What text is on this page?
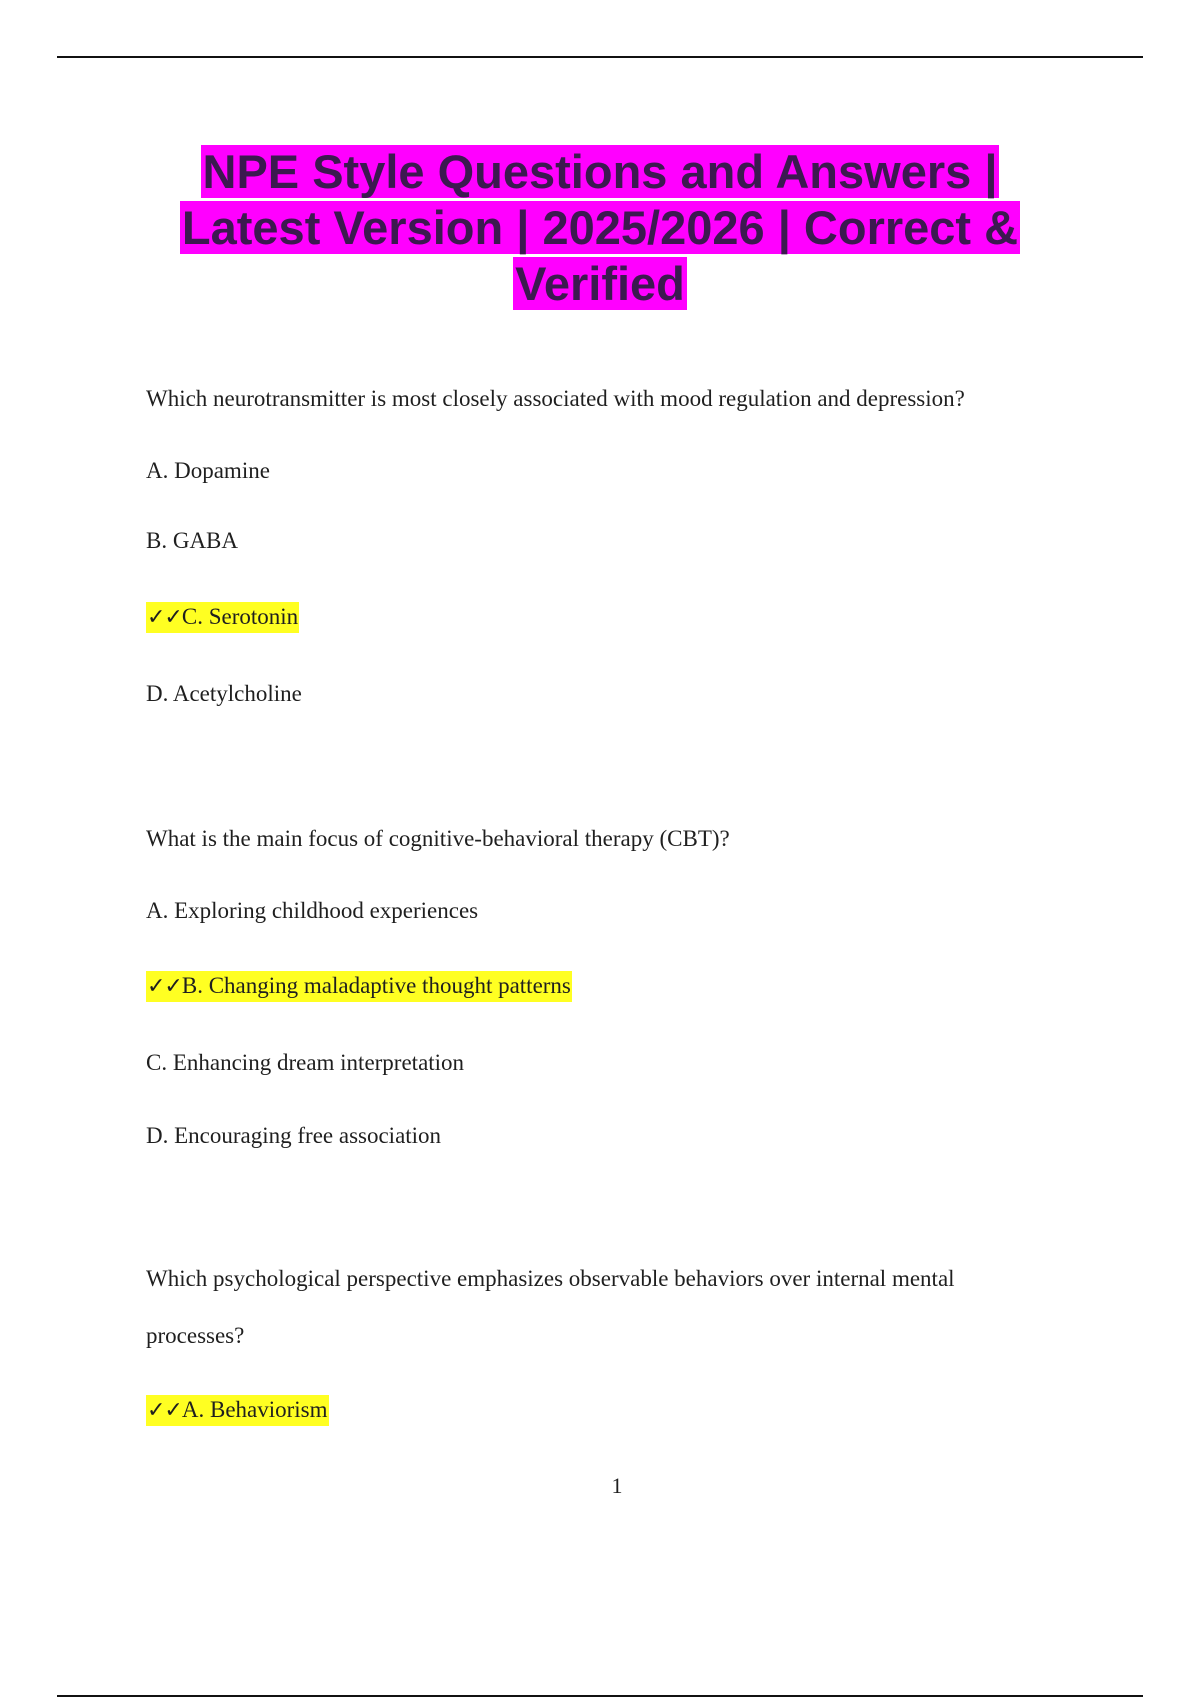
NPE Style Questions and Answers | Latest Version | 2025/2026 | Correct & Verified
Which neurotransmitter is most closely associated with mood regulation and depression?
A. Dopamine
B. GABA
✓✓C. Serotonin
D. Acetylcholine
What is the main focus of cognitive-behavioral therapy (CBT)?
A. Exploring childhood experiences
✓✓B. Changing maladaptive thought patterns
C. Enhancing dream interpretation
D. Encouraging free association
Which psychological perspective emphasizes observable behaviors over internal mental
processes?
✓✓A. Behaviorism
1
